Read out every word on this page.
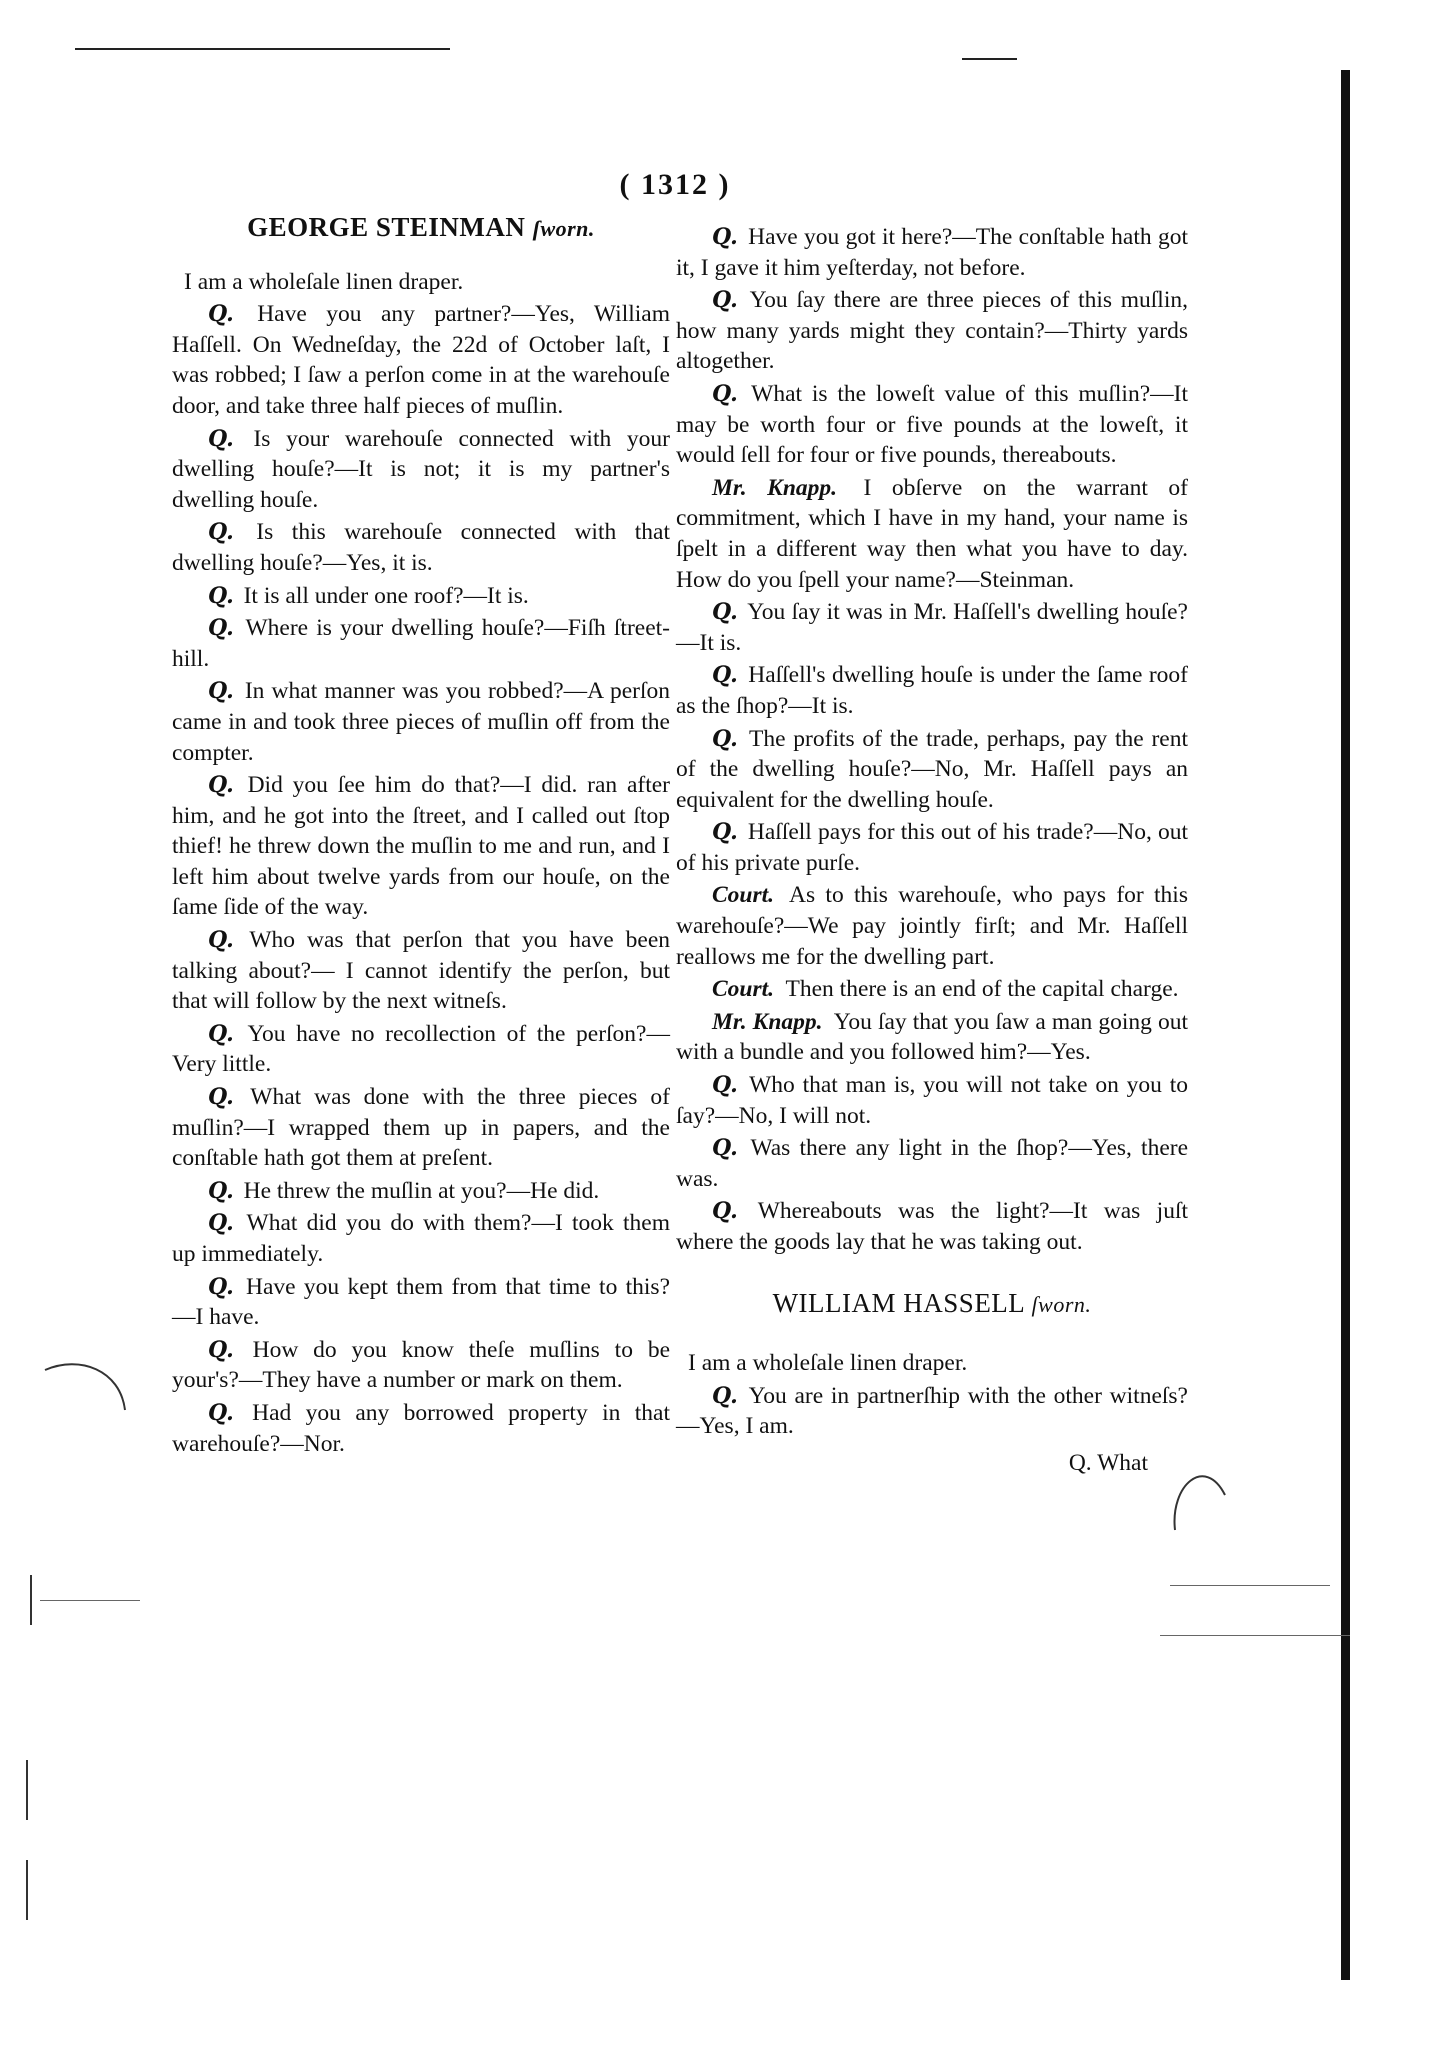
( 1312 )
GEORGE STEINMAN ſworn.
I am a wholeſale linen draper.
Q. Have you any partner?—Yes, William Haſſell. On Wedneſday, the 22d of October laſt, I was robbed; I ſaw a perſon come in at the warehouſe door, and take three half pieces of muſlin.
Q. Is your warehouſe connected with your dwelling houſe?—It is not; it is my partner's dwelling houſe.
Q. Is this warehouſe connected with that dwelling houſe?—Yes, it is.
Q. It is all under one roof?—It is.
Q. Where is your dwelling houſe?—Fiſh ſtreet-hill.
Q. In what manner was you robbed?—A perſon came in and took three pieces of muſlin off from the compter.
Q. Did you ſee him do that?—I did. ran after him, and he got into the ſtreet, and I called out ſtop thief! he threw down the muſlin to me and run, and I left him about twelve yards from our houſe, on the ſame ſide of the way.
Q. Who was that perſon that you have been talking about?— I cannot identify the perſon, but that will follow by the next witneſs.
Q. You have no recollection of the perſon?—Very little.
Q. What was done with the three pieces of muſlin?—I wrapped them up in papers, and the conſtable hath got them at preſent.
Q. He threw the muſlin at you?—He did.
Q. What did you do with them?—I took them up immediately.
Q. Have you kept them from that time to this?—I have.
Q. How do you know theſe muſlins to be your's?—They have a number or mark on them.
Q. Had you any borrowed property in that warehouſe?—Nor.
Q. Have you got it here?—The conſtable hath got it, I gave it him yeſterday, not before.
Q. You ſay there are three pieces of this muſlin, how many yards might they contain?—Thirty yards altogether.
Q. What is the loweſt value of this muſlin?—It may be worth four or five pounds at the loweſt, it would ſell for four or five pounds, thereabouts.
Mr. Knapp. I obſerve on the warrant of commitment, which I have in my hand, your name is ſpelt in a different way then what you have to day. How do you ſpell your name?—Steinman.
Q. You ſay it was in Mr. Haſſell's dwelling houſe?—It is.
Q. Haſſell's dwelling houſe is under the ſame roof as the ſhop?—It is.
Q. The profits of the trade, perhaps, pay the rent of the dwelling houſe?—No, Mr. Haſſell pays an equivalent for the dwelling houſe.
Q. Haſſell pays for this out of his trade?—No, out of his private purſe.
Court. As to this warehouſe, who pays for this warehouſe?—We pay jointly firſt; and Mr. Haſſell reallows me for the dwelling part.
Court. Then there is an end of the capital charge.
Mr. Knapp. You ſay that you ſaw a man going out with a bundle and you followed him?—Yes.
Q. Who that man is, you will not take on you to ſay?—No, I will not.
Q. Was there any light in the ſhop?—Yes, there was.
Q. Whereabouts was the light?—It was juſt where the goods lay that he was taking out.
WILLIAM HASSELL ſworn.
I am a wholeſale linen draper.
Q. You are in partnerſhip with the other witneſs?—Yes, I am.
Q. What
